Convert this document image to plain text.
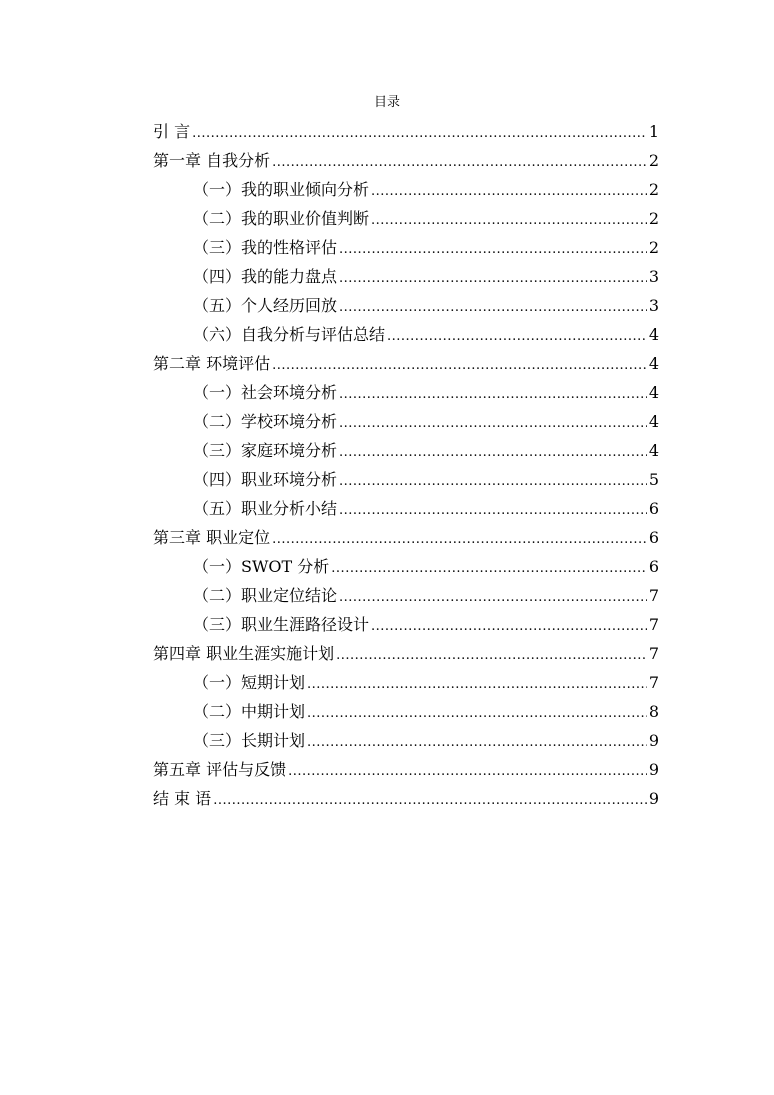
目录
引 言 .....	1
第一章 自我分析 .....	2
（一）我的职业倾向分析 .....	2
（二）我的职业价值判断 .....	2
（三）我的性格评估 .....	2
（四）我的能力盘点 .....	3
（五）个人经历回放 .....	3
（六）自我分析与评估总结 .....	4
第二章 环境评估 .....	4
（一）社会环境分析 .....	4
（二）学校环境分析 .....	4
（三）家庭环境分析 .....	4
（四）职业环境分析 .....	5
（五）职业分析小结 .....	6
第三章 职业定位 .....	6
（一）SWOT 分析 .....	6
（二）职业定位结论 .....	7
（三）职业生涯路径设计 .....	7
第四章 职业生涯实施计划 .....	7
（一）短期计划 .....	7
（二）中期计划 .....	8
（三）长期计划 .....	9
第五章 评估与反馈 .....	9
结 束 语 .....	9
